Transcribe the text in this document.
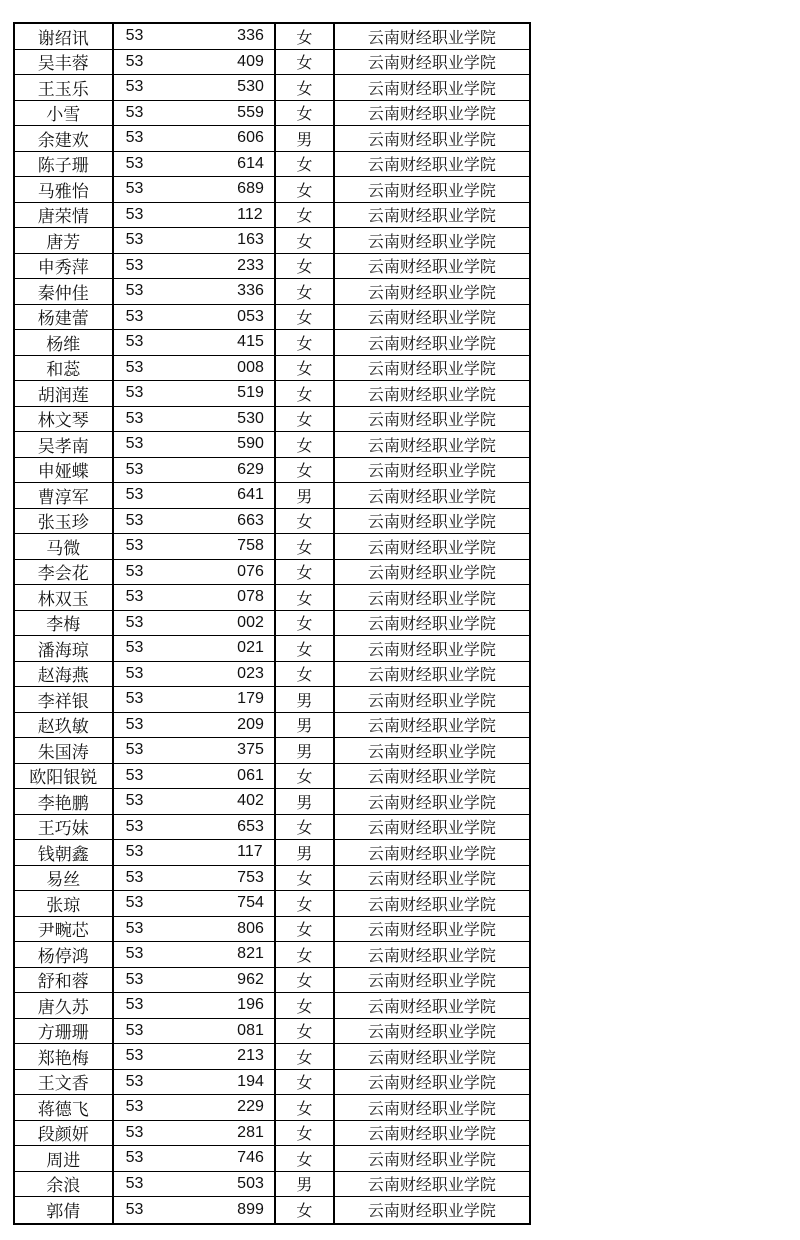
谢绍讯	53	336	女	云南财经职业学院
吴丰蓉	53	409	女	云南财经职业学院
王玉乐	53	530	女	云南财经职业学院
小雪	53	559	女	云南财经职业学院
余建欢	53	606	男	云南财经职业学院
陈子珊	53	614	女	云南财经职业学院
马雅怡	53	689	女	云南财经职业学院
唐荣情	53	112	女	云南财经职业学院
唐芳	53	163	女	云南财经职业学院
申秀萍	53	233	女	云南财经职业学院
秦仲佳	53	336	女	云南财经职业学院
杨建蕾	53	053	女	云南财经职业学院
杨维	53	415	女	云南财经职业学院
和蕊	53	008	女	云南财经职业学院
胡润莲	53	519	女	云南财经职业学院
林文琴	53	530	女	云南财经职业学院
吴孝南	53	590	女	云南财经职业学院
申娅蝶	53	629	女	云南财经职业学院
曹淳军	53	641	男	云南财经职业学院
张玉珍	53	663	女	云南财经职业学院
马微	53	758	女	云南财经职业学院
李会花	53	076	女	云南财经职业学院
林双玉	53	078	女	云南财经职业学院
李梅	53	002	女	云南财经职业学院
潘海琼	53	021	女	云南财经职业学院
赵海燕	53	023	女	云南财经职业学院
李祥银	53	179	男	云南财经职业学院
赵玖敏	53	209	男	云南财经职业学院
朱国涛	53	375	男	云南财经职业学院
欧阳银锐	53	061	女	云南财经职业学院
李艳鹏	53	402	男	云南财经职业学院
王巧妹	53	653	女	云南财经职业学院
钱朝鑫	53	117	男	云南财经职业学院
易丝	53	753	女	云南财经职业学院
张琼	53	754	女	云南财经职业学院
尹畹芯	53	806	女	云南财经职业学院
杨停鸿	53	821	女	云南财经职业学院
舒和蓉	53	962	女	云南财经职业学院
唐久苏	53	196	女	云南财经职业学院
方珊珊	53	081	女	云南财经职业学院
郑艳梅	53	213	女	云南财经职业学院
王文香	53	194	女	云南财经职业学院
蒋德飞	53	229	女	云南财经职业学院
段颜妍	53	281	女	云南财经职业学院
周进	53	746	女	云南财经职业学院
余浪	53	503	男	云南财经职业学院
郭倩	53	899	女	云南财经职业学院
